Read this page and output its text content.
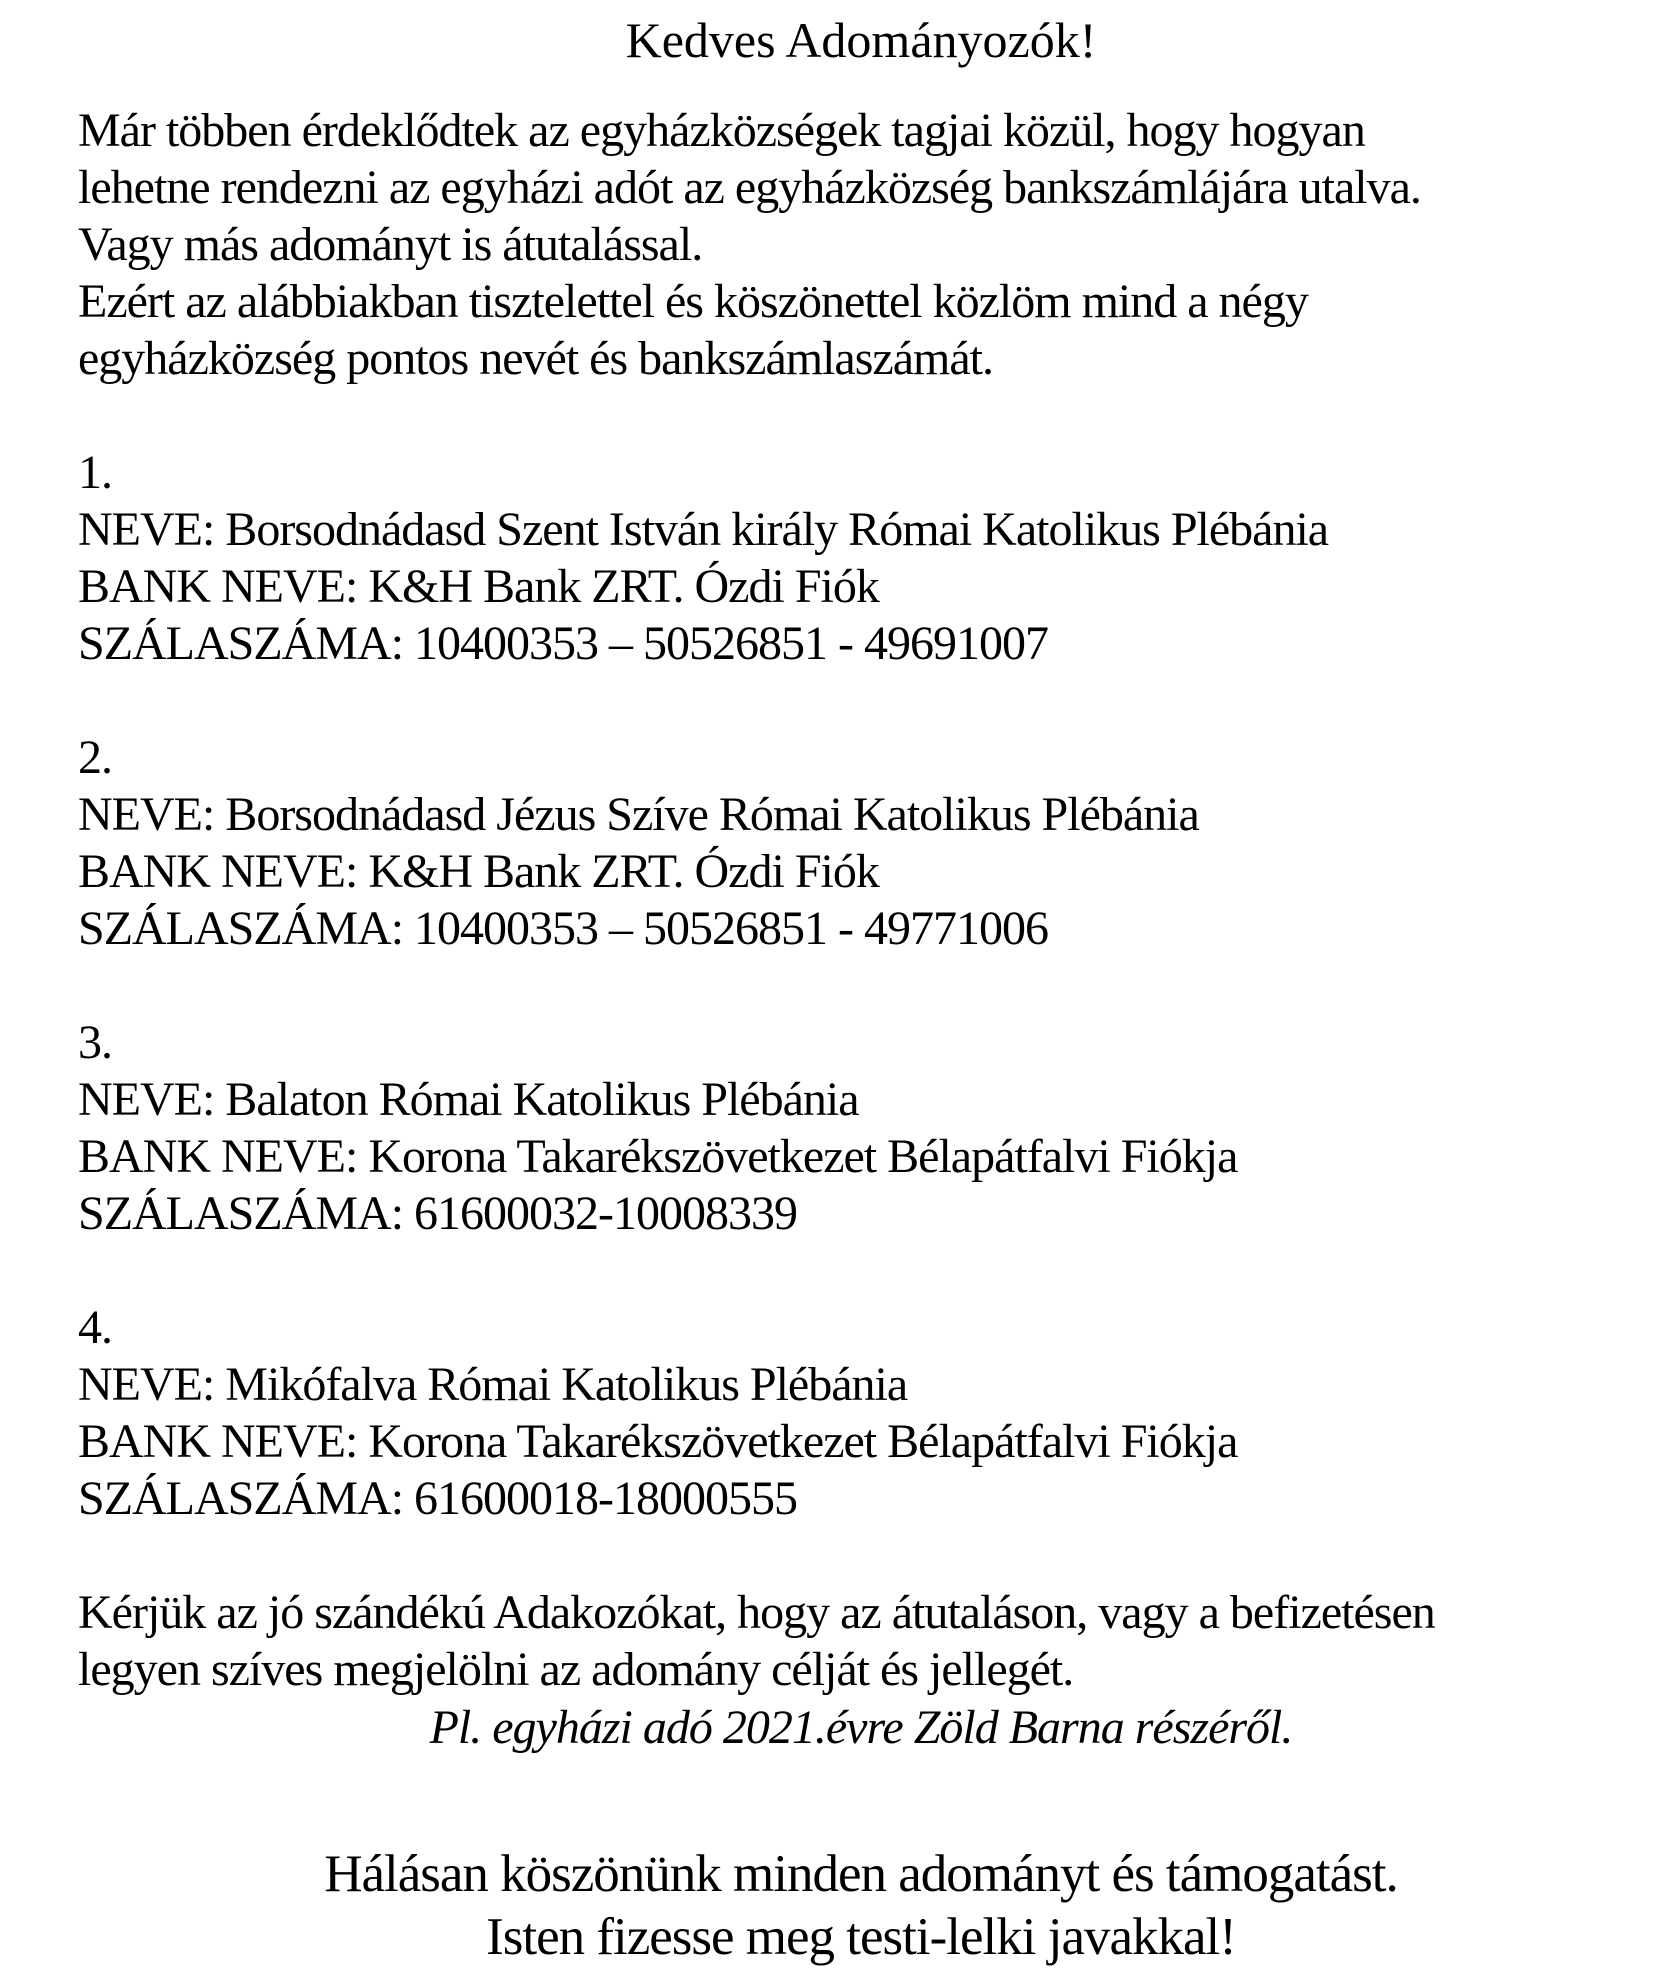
Kedves Adományozók!
Már többen érdeklődtek az egyházközségek tagjai közül, hogy hogyan
lehetne rendezni az egyházi adót az egyházközség bankszámlájára utalva.
Vagy más adományt is átutalással.
Ezért az alábbiakban tisztelettel és köszönettel közlöm mind a négy
egyházközség pontos nevét és bankszámlaszámát.
1.
NEVE: Borsodnádasd Szent István király Római Katolikus Plébánia
BANK NEVE: K&H Bank ZRT. Ózdi Fiók
SZÁLASZÁMA: 10400353 – 50526851 - 49691007
2.
NEVE: Borsodnádasd Jézus Szíve Római Katolikus Plébánia
BANK NEVE: K&H Bank ZRT. Ózdi Fiók
SZÁLASZÁMA: 10400353 – 50526851 - 49771006
3.
NEVE: Balaton Római Katolikus Plébánia
BANK NEVE: Korona Takarékszövetkezet Bélapátfalvi Fiókja
SZÁLASZÁMA: 61600032-10008339
4.
NEVE: Mikófalva Római Katolikus Plébánia
BANK NEVE: Korona Takarékszövetkezet Bélapátfalvi Fiókja
SZÁLASZÁMA: 61600018-18000555
Kérjük az jó szándékú Adakozókat, hogy az átutaláson, vagy a befizetésen
legyen szíves megjelölni az adomány célját és jellegét.
Pl. egyházi adó 2021.évre Zöld Barna részéről.
Hálásan köszönünk minden adományt és támogatást.
Isten fizesse meg testi-lelki javakkal!
